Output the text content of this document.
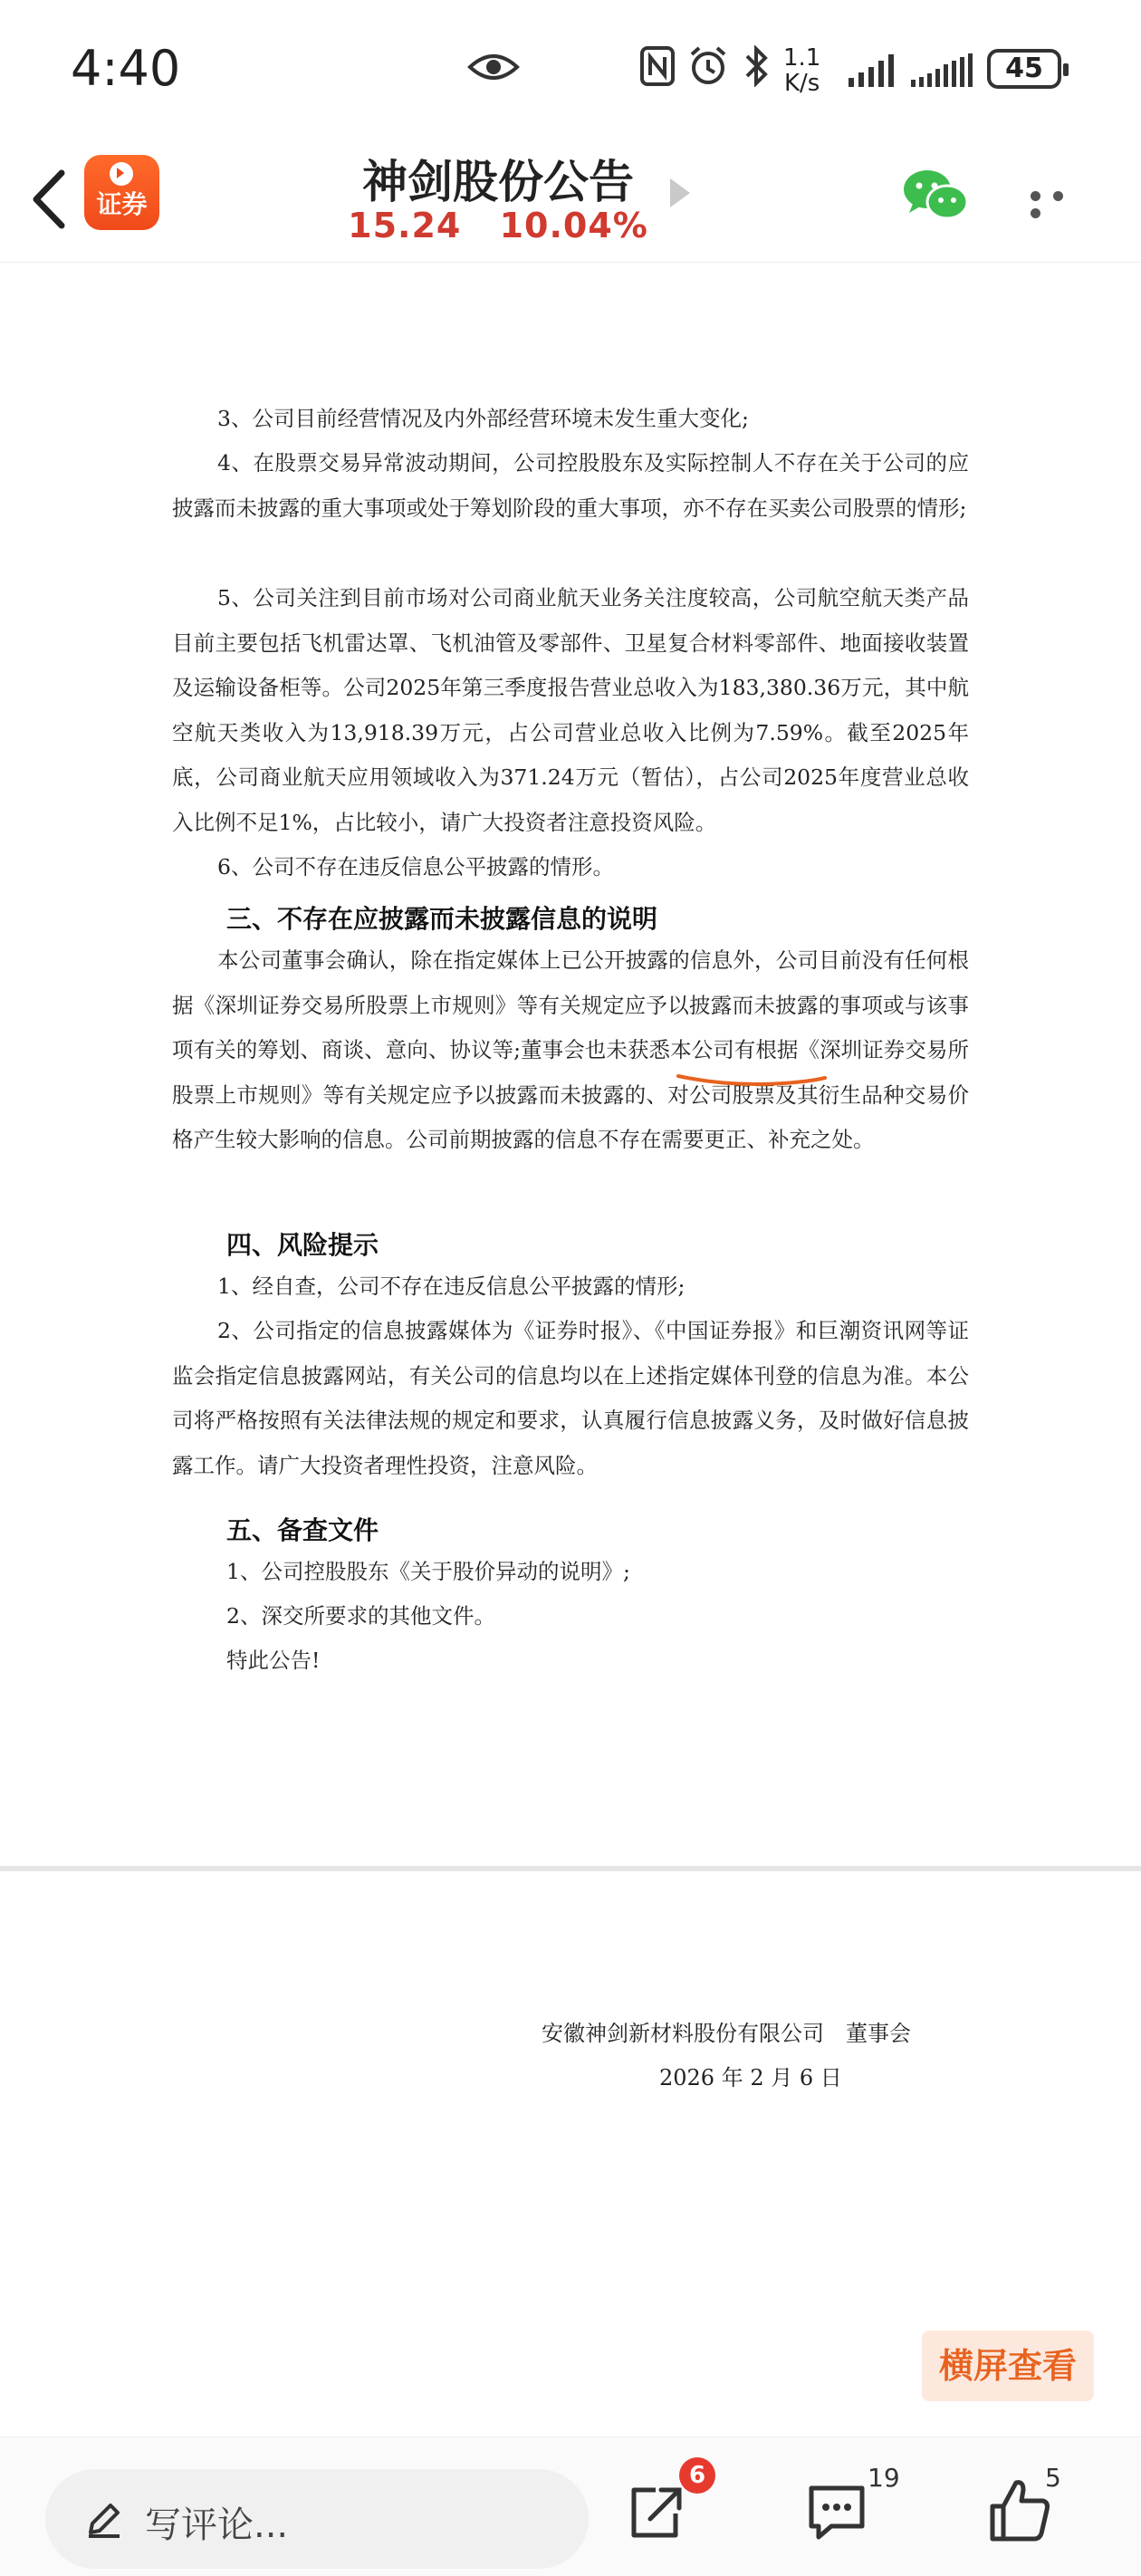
4:40	1.1
K/s	45
证券	神剑股份公告
15.24 10.04%
3、公司目前经营情况及内外部经营环境未发生重大变化;
4、在股票交易异常波动期间，公司控股股东及实际控制人不存在关于公司的应披露而未披露的重大事项或处于筹划阶段的重大事项，亦不存在买卖公司股票的情形;
5、公司关注到目前市场对公司商业航天业务关注度较高，公司航空航天类产品目前主要包括飞机雷达罩、飞机油管及零部件、卫星复合材料零部件、地面接收装置及运输设备柜等。公司2025年第三季度报告营业总收入为183,380.36万元，其中航空航天类收入为13,918.39万元，占公司营业总收入比例为7.59%。截至2025年底，公司商业航天应用领域收入为371.24万元（暂估），占公司2025年度营业总收入比例不足1%，占比较小，请广大投资者注意投资风险。
6、公司不存在违反信息公平披露的情形。
三、不存在应披露而未披露信息的说明
本公司董事会确认，除在指定媒体上已公开披露的信息外，公司目前没有任何根据《深圳证券交易所股票上市规则》等有关规定应予以披露而未披露的事项或与该事项有关的筹划、商谈、意向、协议等;董事会也未获悉本公司有根据《深圳证券交易所股票上市规则》等有关规定应予以披露而未披露的、对公司股票及其衍生品种交易价格产生较大影响的信息。公司前期披露的信息不存在需要更正、补充之处。
四、风险提示
1、经自查，公司不存在违反信息公平披露的情形;
2、公司指定的信息披露媒体为《证券时报》、《中国证券报》和巨潮资讯网等证监会指定信息披露网站，有关公司的信息均以在上述指定媒体刊登的信息为准。本公司将严格按照有关法律法规的规定和要求，认真履行信息披露义务，及时做好信息披露工作。请广大投资者理性投资，注意风险。
五、备查文件
1、公司控股股东《关于股价异动的说明》;
2、深交所要求的其他文件。
特此公告!
安徽神剑新材料股份有限公司　董事会
2026 年 2 月 6 日
横屏查看
写评论...
6	19	5
